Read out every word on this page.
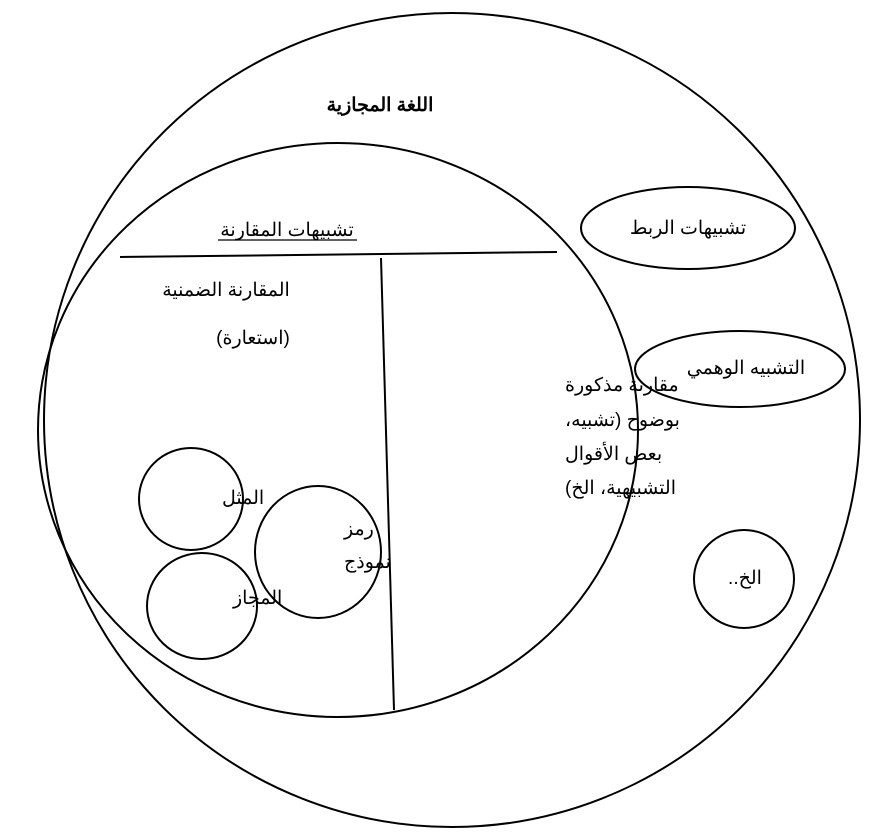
اللغة المجازية
تشبيهات المقارنة
المقارنة الضمنية
(استعارة)
المثل
رمز
نموذج
المجاز
مقارنة مذكورة
بوضوح (تشبيه،
بعض الأقوال
التشبيهية، الخ)
تشبيهات الربط
التشبيه الوهمي
الخ..
